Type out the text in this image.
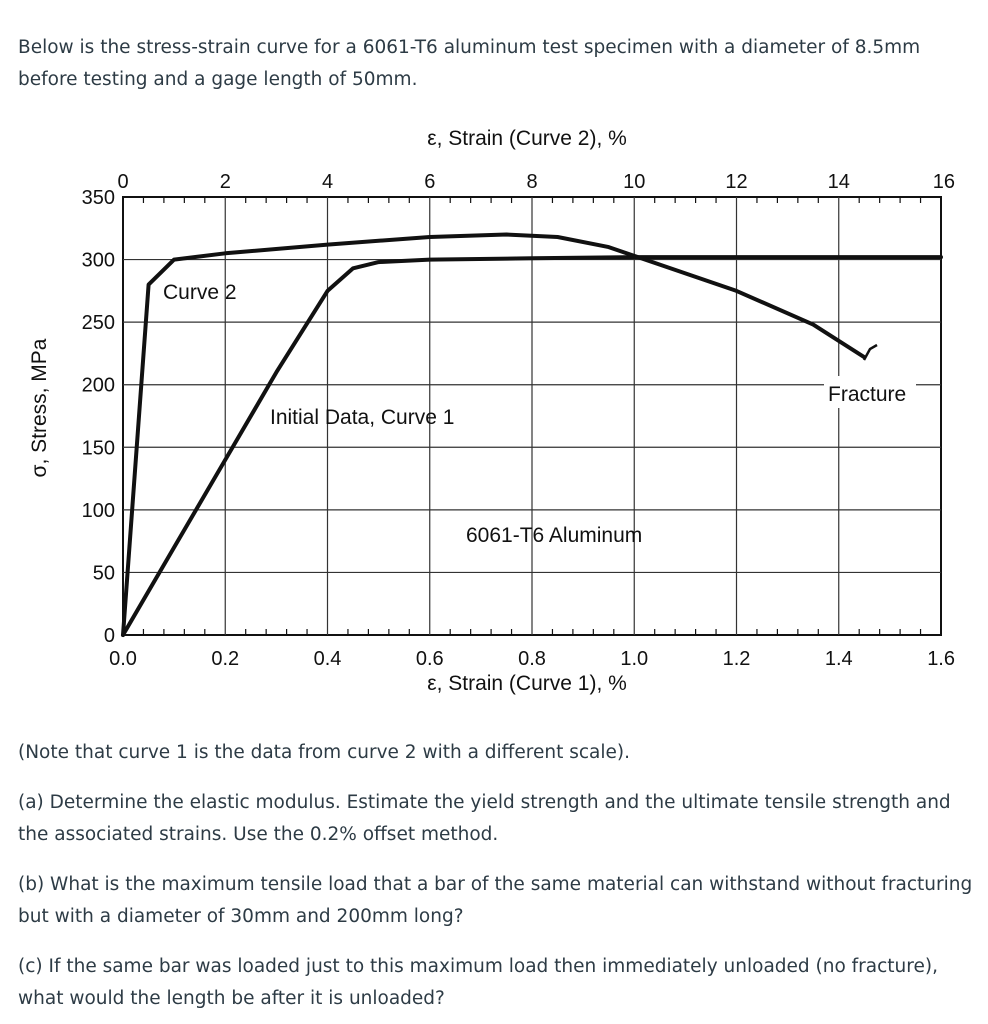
Below is the stress-strain curve for a 6061-T6 aluminum test specimen with a diameter of 8.5mm before testing and a gage length of 50mm.

0
50
100
150
200
250
300
350
0.0	0.2	0.4	0.6	0.8	1.0	1.2	1.4	1.6
0	2	4	6	8	10	12	14	16
ε, Strain (Curve 2), %
ε, Strain (Curve 1), %
σ, Stress, MPa
Curve 2
Initial Data, Curve 1
Fracture
6061-T6 Aluminum

(Note that curve 1 is the data from curve 2 with a different scale).

(a) Determine the elastic modulus. Estimate the yield strength and the ultimate tensile strength and the associated strains. Use the 0.2% offset method.

(b) What is the maximum tensile load that a bar of the same material can withstand without fracturing but with a diameter of 30mm and 200mm long?

(c) If the same bar was loaded just to this maximum load then immediately unloaded (no fracture), what would the length be after it is unloaded?
